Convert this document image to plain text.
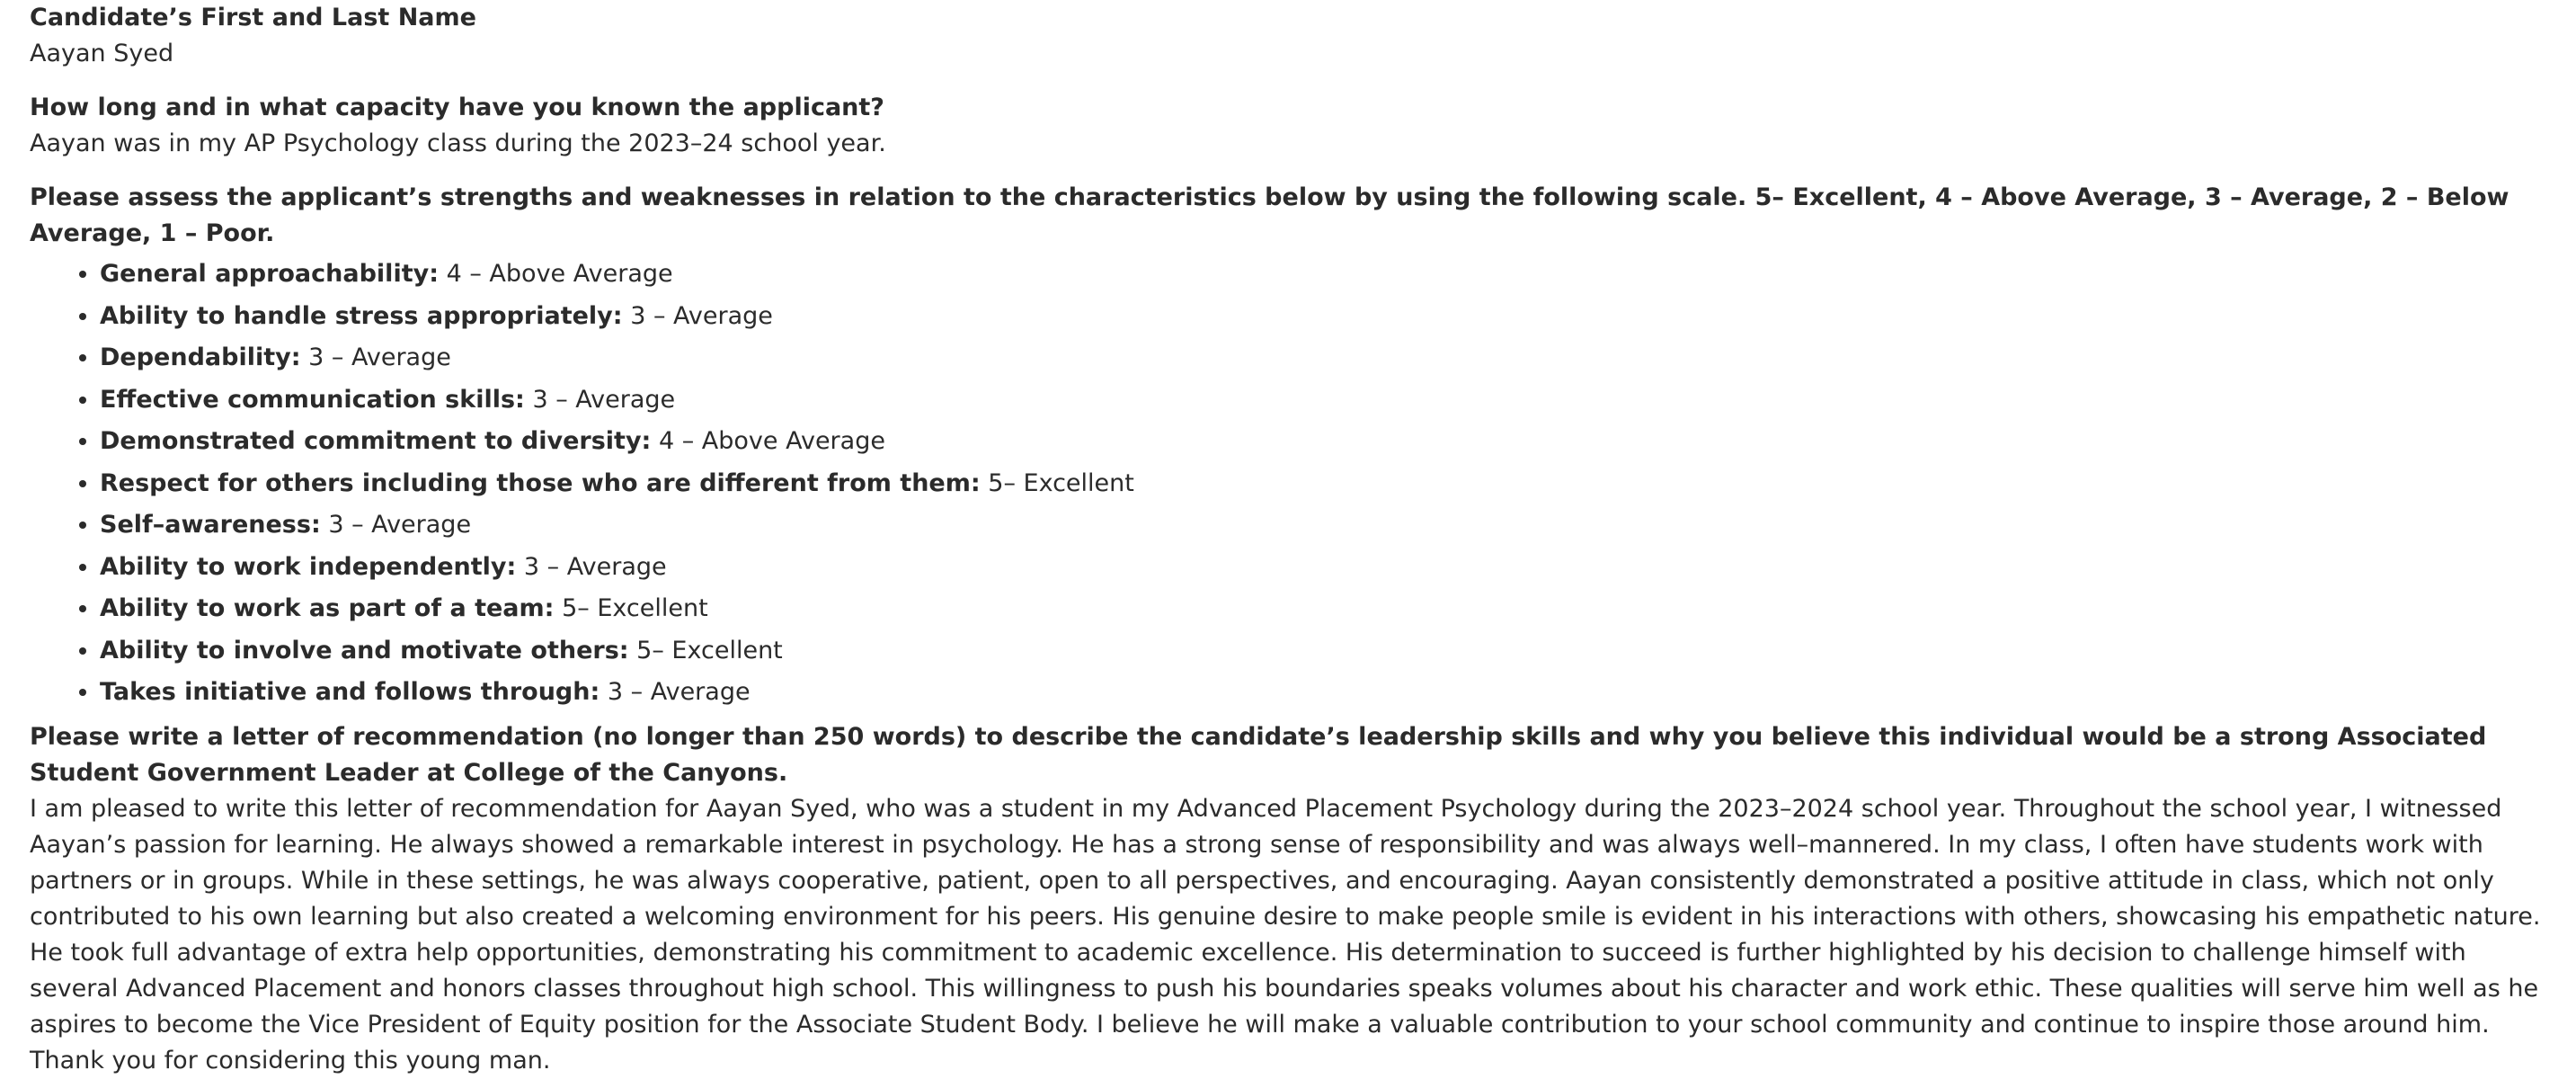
Candidate’s First and Last Name

Aayan Syed

How long and in what capacity have you known the applicant?

Aayan was in my AP Psychology class during the 2023–24 school year.

Please assess the applicant’s strengths and weaknesses in relation to the characteristics below by using the following scale. 5– Excellent, 4 – Above Average, 3 – Average, 2 – Below Average, 1 – Poor.

• General approachability: 4 – Above Average
• Ability to handle stress appropriately: 3 – Average
• Dependability: 3 – Average
• Effective communication skills: 3 – Average
• Demonstrated commitment to diversity: 4 – Above Average
• Respect for others including those who are different from them: 5– Excellent
• Self–awareness: 3 – Average
• Ability to work independently: 3 – Average
• Ability to work as part of a team: 5– Excellent
• Ability to involve and motivate others: 5– Excellent
• Takes initiative and follows through: 3 – Average

Please write a letter of recommendation (no longer than 250 words) to describe the candidate’s leadership skills and why you believe this individual would be a strong Associated Student Government Leader at College of the Canyons.

I am pleased to write this letter of recommendation for Aayan Syed, who was a student in my Advanced Placement Psychology during the 2023–2024 school year. Throughout the school year, I witnessed Aayan’s passion for learning. He always showed a remarkable interest in psychology. He has a strong sense of responsibility and was always well–mannered. In my class, I often have students work with partners or in groups. While in these settings, he was always cooperative, patient, open to all perspectives, and encouraging. Aayan consistently demonstrated a positive attitude in class, which not only contributed to his own learning but also created a welcoming environment for his peers. His genuine desire to make people smile is evident in his interactions with others, showcasing his empathetic nature. He took full advantage of extra help opportunities, demonstrating his commitment to academic excellence. His determination to succeed is further highlighted by his decision to challenge himself with several Advanced Placement and honors classes throughout high school. This willingness to push his boundaries speaks volumes about his character and work ethic. These qualities will serve him well as he aspires to become the Vice President of Equity position for the Associate Student Body. I believe he will make a valuable contribution to your school community and continue to inspire those around him. Thank you for considering this young man.
